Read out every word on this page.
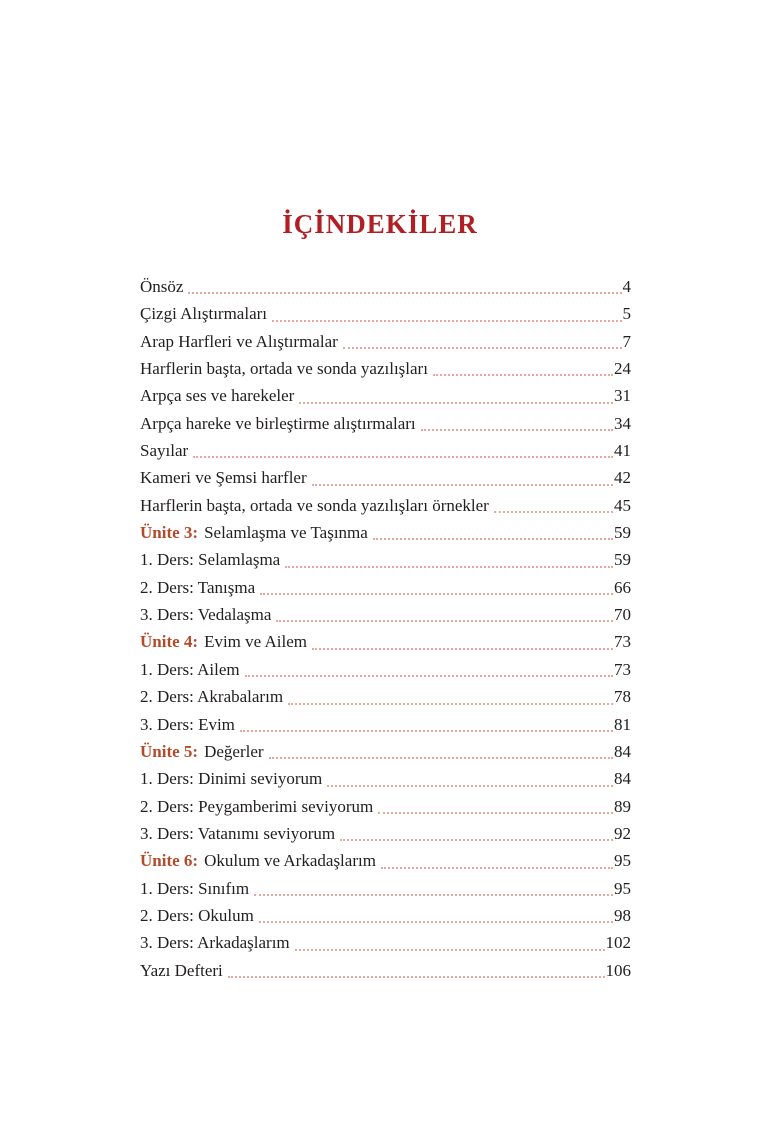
İÇİNDEKİLER
Önsöz	4
Çizgi Alıştırmaları	5
Arap Harfleri ve Alıştırmalar	7
Harflerin başta, ortada ve sonda yazılışları	24
Arpça ses ve harekeler	31
Arpça hareke ve birleştirme alıştırmaları	34
Sayılar	41
Kameri ve Şemsi harfler	42
Harflerin başta, ortada ve sonda yazılışları örnekler	45
Ünite 3: Selamlaşma ve Taşınma	59
1. Ders: Selamlaşma	59
2. Ders: Tanışma	66
3. Ders: Vedalaşma	70
Ünite 4: Evim ve Ailem	73
1. Ders: Ailem	73
2. Ders: Akrabalarım	78
3. Ders: Evim	81
Ünite 5: Değerler	84
1. Ders: Dinimi seviyorum	84
2. Ders: Peygamberimi seviyorum	89
3. Ders: Vatanımı seviyorum	92
Ünite 6: Okulum ve Arkadaşlarım	95
1. Ders: Sınıfım	95
2. Ders: Okulum	98
3. Ders: Arkadaşlarım	102
Yazı Defteri	106
